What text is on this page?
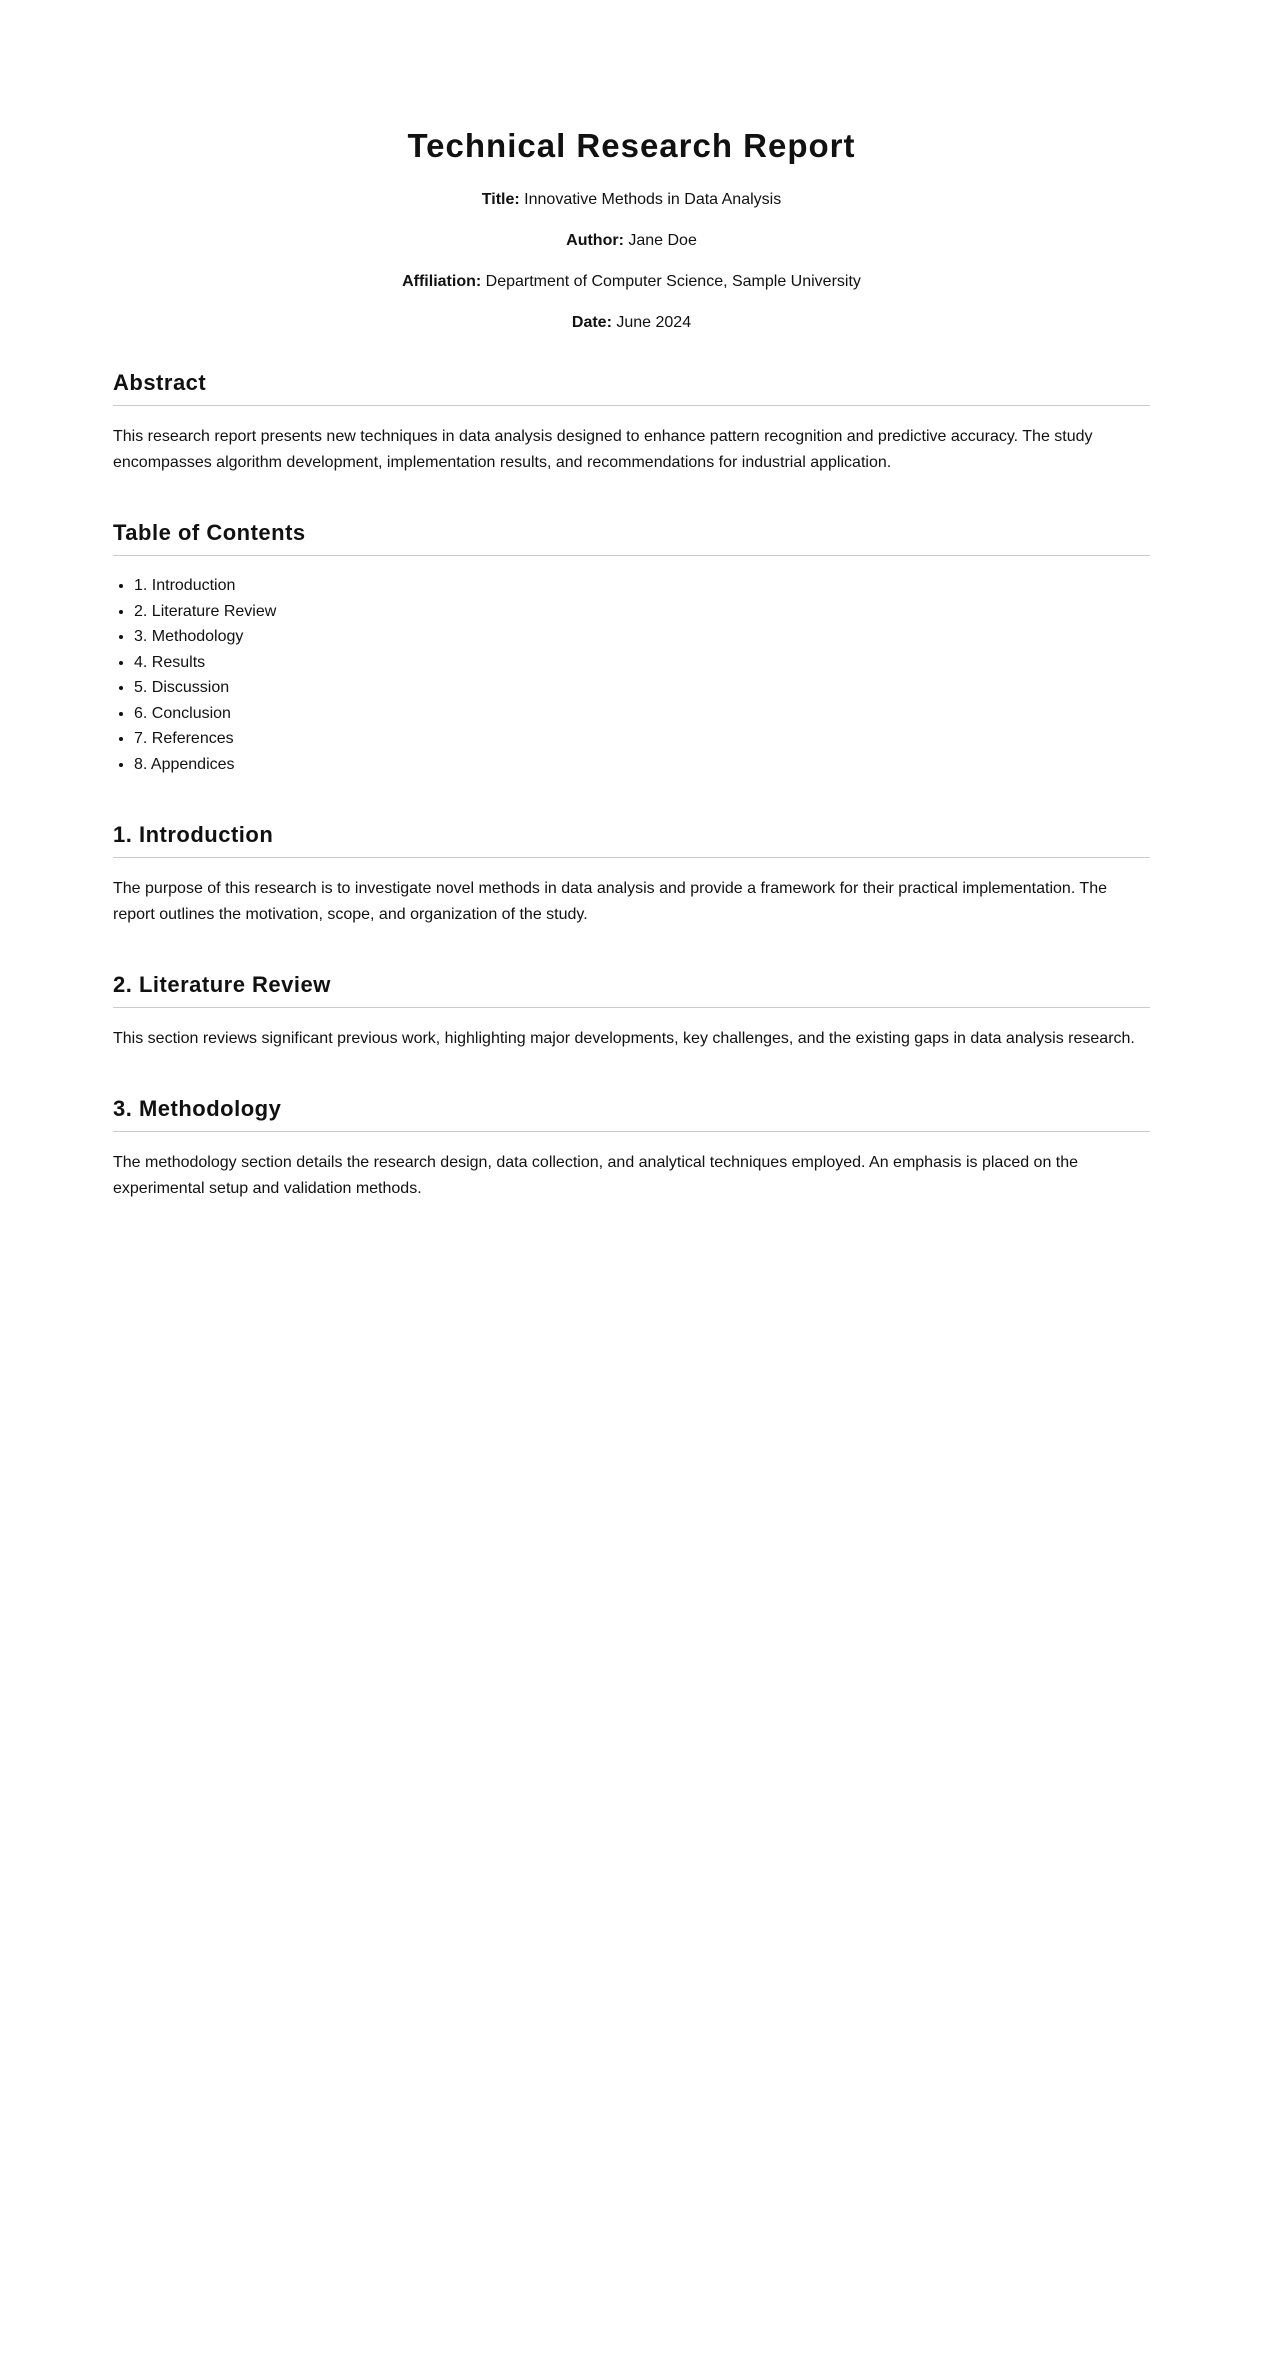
Technical Research Report

Title: Innovative Methods in Data Analysis

Author: Jane Doe

Affiliation: Department of Computer Science, Sample University

Date: June 2024

Abstract

This research report presents new techniques in data analysis designed to enhance pattern recognition and predictive accuracy. The study encompasses algorithm development, implementation results, and recommendations for industrial application.

Table of Contents
• 1. Introduction
• 2. Literature Review
• 3. Methodology
• 4. Results
• 5. Discussion
• 6. Conclusion
• 7. References
• 8. Appendices
1. Introduction

The purpose of this research is to investigate novel methods in data analysis and provide a framework for their practical implementation. The report outlines the motivation, scope, and organization of the study.

2. Literature Review

This section reviews significant previous work, highlighting major developments, key challenges, and the existing gaps in data analysis research.

3. Methodology

The methodology section details the research design, data collection, and analytical techniques employed. An emphasis is placed on the experimental setup and validation methods.
